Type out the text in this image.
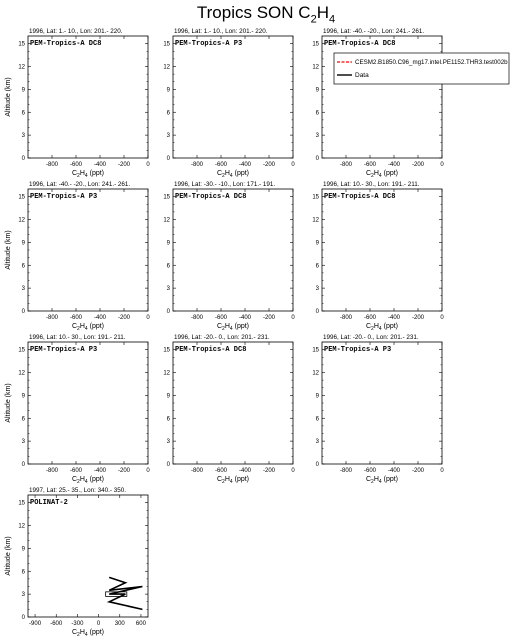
Tropics SON $C_2H_4$
1996, Lat: 1.- 10., Lon: 201.- 220.
PEM-Tropics-A DC8
0
3
6
9
12
15
-800 -600 -400 -200	0
$C_2H_4$ (ppt)
Altitude (km)
1996, Lat: 1.- 10., Lon: 201.- 220.
PEM-Tropics-A P3
0
3
6
9
12
15
-800 -600 -400 -200	0
$C_2H_4$ (ppt)
1996, Lat: -40.- -20., Lon: 241.- 261.
PEM-Tropics-A DC8
0
3
6
9
12
15
-800 -600 -400 -200	0
$C_2H_4$ (ppt)
CESM2.B1850.C96_mg17.intel.PE1152.THR3.test002b
Data
1996, Lat: -40.- -20., Lon: 241.- 261.
PEM-Tropics-A P3
0
3
6
9
12
15
-800 -600 -400 -200	0
$C_2H_4$ (ppt)
Altitude (km)
1996, Lat: -30.- -10., Lon: 171.- 191.
PEM-Tropics-A DC8
0
3
6
9
12
15
-800 -600 -400 -200	0
$C_2H_4$ (ppt)
1996, Lat: 10.- 30., Lon: 191.- 211.
PEM-Tropics-A DC8
0
3
6
9
12
15
-800 -600 -400 -200	0
$C_2H_4$ (ppt)
1996, Lat: 10.- 30., Lon: 191.- 211.
PEM-Tropics-A P3
0
3
6
9
12
15
-800 -600 -400 -200	0
$C_2H_4$ (ppt)
Altitude (km)
1996, Lat: -20.- 0., Lon: 201.- 231.
PEM-Tropics-A DC8
0
3
6
9
12
15
-800 -600 -400 -200	0
$C_2H_4$ (ppt)
1996, Lat: -20.- 0., Lon: 201.- 231.
PEM-Tropics-A P3
0
3
6
9
12
15
-800 -600 -400 -200	0
$C_2H_4$ (ppt)
1997, Lat: 25.- 35., Lon: 340.- 350.
POLINAT-2
0
3
6
9
12
15
-900 -600 -300 0 300 600
$C_2H_4$ (ppt)
Altitude (km)
